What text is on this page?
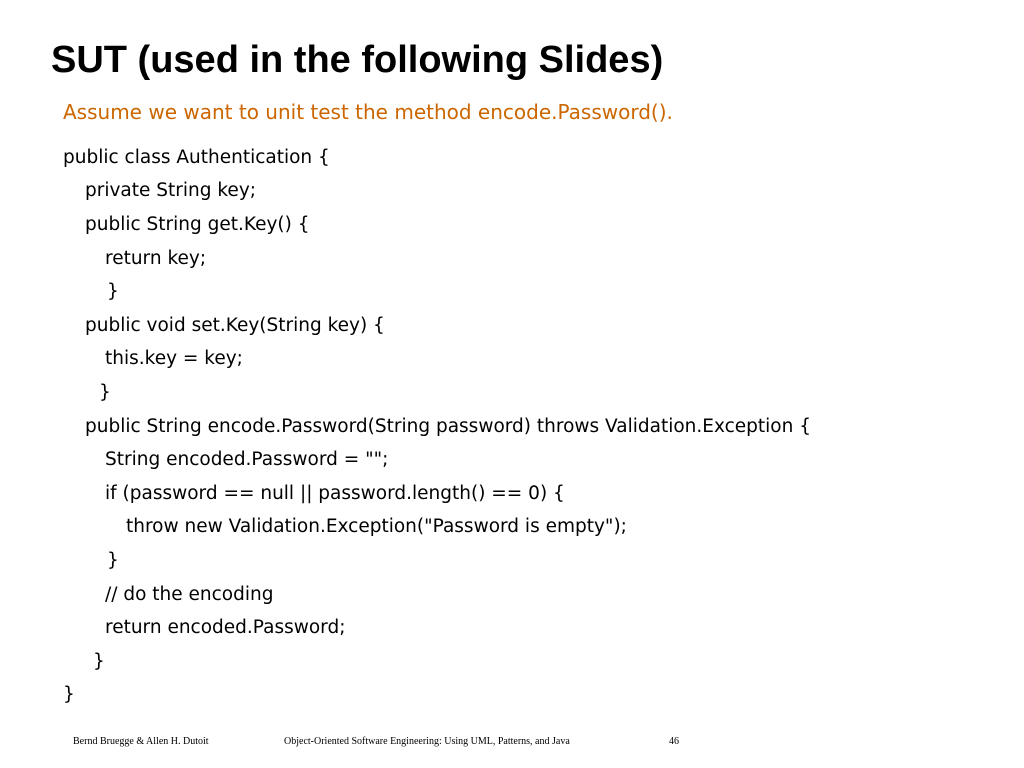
SUT (used in the following Slides)
Assume we want to unit test the method encode.Password().
public class Authentication {
private String key;
public String get.Key() {
return key;
}
public void set.Key(String key) {
this.key = key;
}
public String encode.Password(String password) throws Validation.Exception {
String encoded.Password = "";
if (password == null || password.length() == 0) {
throw new Validation.Exception("Password is empty");
}
// do the encoding
return encoded.Password;
}
}
Bernd Bruegge & Allen H. Dutoit	Object-Oriented Software Engineering: Using UML, Patterns, and Java	46
